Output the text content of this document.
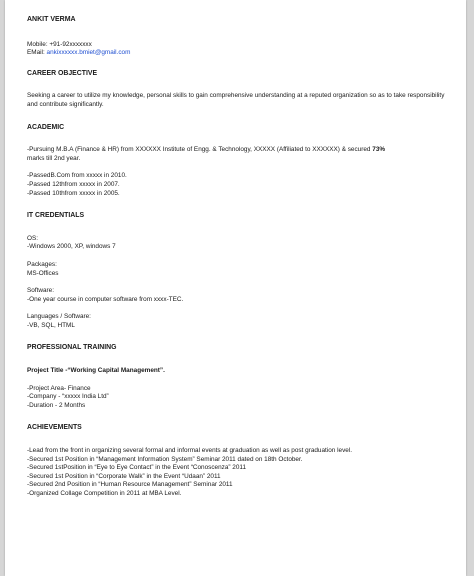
ANKIT VERMA
Mobile: +91-92xxxxxxx
EMail: ankixxxxxx.bmiet@gmail.com
CAREER OBJECTIVE
Seeking a career to utilize my knowledge, personal skills to gain comprehensive understanding at a reputed organization so as to take responsibility and contribute significantly.
ACADEMIC
-Pursuing M.B.A (Finance & HR) from XXXXXX Institute of Engg. & Technology, XXXXX (Affiliated to XXXXXX) & secured 73%
marks till 2nd year.
-PassedB.Com from xxxxx in 2010.
-Passed 12thfrom xxxxx in 2007.
-Passed 10thfrom xxxxx in 2005.
IT CREDENTIALS
OS:
-Windows 2000, XP, windows 7
Packages:
MS-Offices
Software:
-One year course in computer software from xxxx-TEC.
Languages / Software:
-VB, SQL, HTML
PROFESSIONAL TRAINING
Project Title -“Working Capital Management”.
-Project Area- Finance
-Company - “xxxxx India Ltd”
-Duration - 2 Months
ACHIEVEMENTS
-Lead from the front in organizing several formal and informal events at graduation as well as post graduation level.
-Secured 1st Position in “Management Information System” Seminar 2011 dated on 18th October.
-Secured 1stPosition in “Eye to Eye Contact” in the Event “Conoscenza” 2011
-Secured 1st Position in “Corporate Walk” in the Event “Udaan” 2011
-Secured 2nd Position in “Human Resource Management” Seminar 2011
-Organized Collage Competition in 2011 at MBA Level.
